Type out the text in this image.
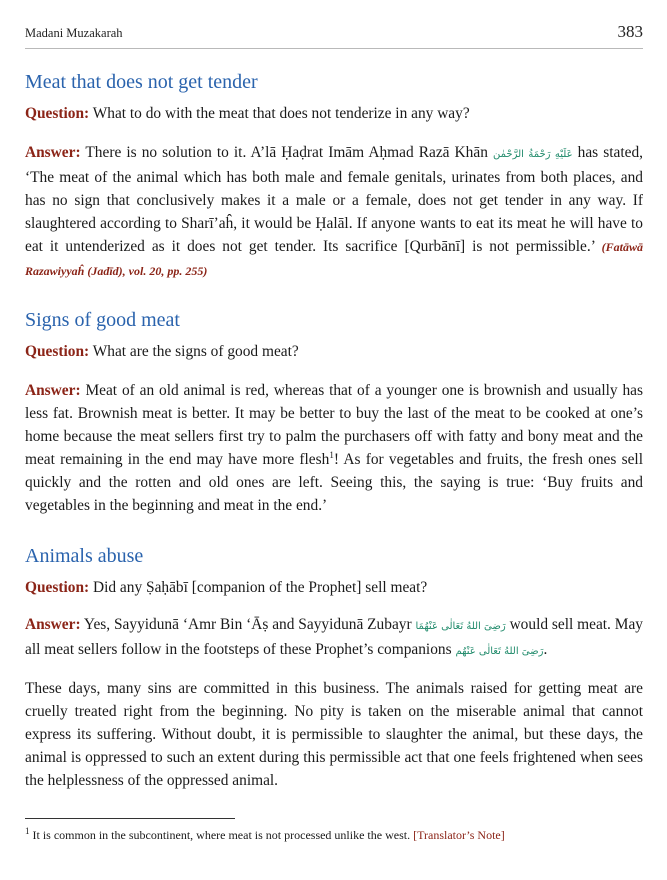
Madani Muzakarah	383
Meat that does not get tender

Question: What to do with the meat that does not tenderize in any way?

Answer: There is no solution to it. A’lā Ḥaḍrat Imām Aḥmad Razā Khān عَلَیْهِ رَحْمَةُ الرَّحْمٰن has stated, ‘The meat of the animal which has both male and female genitals, urinates from both places, and has no sign that conclusively makes it a male or a female, does not get tender in any way. If slaughtered according to Sharī’aĥ, it would be Ḥalāl. If anyone wants to eat its meat he will have to eat it untenderized as it does not get tender. Its sacrifice [Qurbānī] is not permissible.’ (Fatāwā Razawiyyaĥ (Jadīd), vol. 20, pp. 255)

Signs of good meat

Question: What are the signs of good meat?

Answer: Meat of an old animal is red, whereas that of a younger one is brownish and usually has less fat. Brownish meat is better. It may be better to buy the last of the meat to be cooked at one’s home because the meat sellers first try to palm the purchasers off with fatty and bony meat and the meat remaining in the end may have more flesh$^1$! As for vegetables and fruits, the fresh ones sell quickly and the rotten and old ones are left. Seeing this, the saying is true: ‘Buy fruits and vegetables in the beginning and meat in the end.’

Animals abuse

Question: Did any Ṣaḥābī [companion of the Prophet] sell meat?

Answer: Yes, Sayyidunā ‘Amr Bin ‘Āṣ and Sayyidunā Zubayr رَضِیَ اللهُ تَعَالٰی عَنْهُمَا would sell meat. May all meat sellers follow in the footsteps of these Prophet’s companions رَضِیَ اللهُ تَعَالٰی عَنْهُم.

These days, many sins are committed in this business. The animals raised for getting meat are cruelly treated right from the beginning. No pity is taken on the miserable animal that cannot express its suffering. Without doubt, it is permissible to slaughter the animal, but these days, the animal is oppressed to such an extent during this permissible act that one feels frightened when sees the helplessness of the oppressed animal.

$^1$ It is common in the subcontinent, where meat is not processed unlike the west. [Translator’s Note]
